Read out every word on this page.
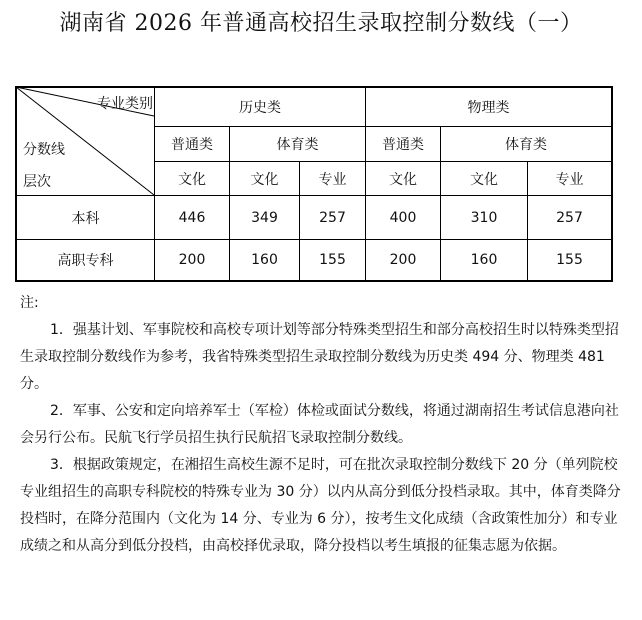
湖南省 2026 年普通高校招生录取控制分数线（一）
专业类别
分数线
层次
历史类	物理类
普通类	体育类	普通类	体育类
文化	文化	专业	文化	文化	专业
本科	446	349	257	400	310	257
高职专科	200	160	155	200	160	155

注:

1．强基计划、军事院校和高校专项计划等部分特殊类型招生和部分高校招生时以特殊类型招生录取控制分数线作为参考，我省特殊类型招生录取控制分数线为历史类 494 分、物理类 481 分。

2．军事、公安和定向培养军士（军检）体检或面试分数线，将通过湖南招生考试信息港向社会另行公布。民航飞行学员招生执行民航招飞录取控制分数线。

3．根据政策规定，在湘招生高校生源不足时，可在批次录取控制分数线下 20 分（单列院校专业组招生的高职专科院校的特殊专业为 30 分）以内从高分到低分投档录取。其中，体育类降分投档时，在降分范围内（文化为 14 分、专业为 6 分），按考生文化成绩（含政策性加分）和专业成绩之和从高分到低分投档，由高校择优录取，降分投档以考生填报的征集志愿为依据。
